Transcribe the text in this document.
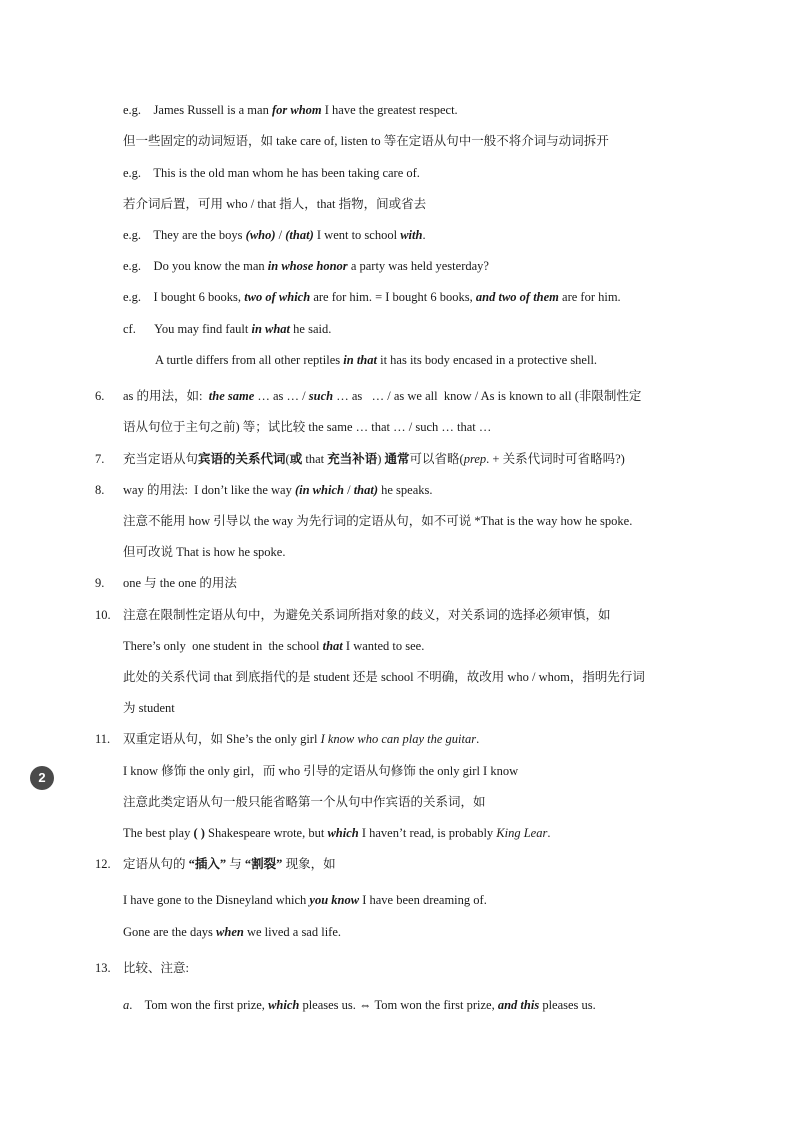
2
e.g.    James Russell is a man for whom I have the greatest respect.
但一些固定的动词短语，如 take care of, listen to 等在定语从句中一般不将介词与动词拆开
e.g.    This is the old man whom he has been taking care of.
若介词后置，可用 who / that 指人，that 指物，间或省去
e.g.    They are the boys (who) / (that) I went to school with.
e.g.    Do you know the man in whose honor a party was held yesterday?
e.g.    I bought 6 books, two of which are for him. = I bought 6 books, and two of them are for him.
cf.      You may find fault in what he said.
A turtle differs from all other reptiles in that it has its body encased in a protective shell.
6. as 的用法，如:  the same … as … / such … as   … / as we all  know / As is known to all (非限制性定
语从句位于主句之前) 等；试比较 the same … that … / such … that …
7. 充当定语从句宾语的关系代词(或 that 充当补语) 通常可以省略(prep. + 关系代词时可省略吗?)
8. way 的用法:  I don’t like the way (in which / that) he speaks.
注意不能用 how 引导以 the way 为先行词的定语从句，如不可说 *That is the way how he spoke.
但可改说 That is how he spoke.
9. one 与 the one 的用法
10. 注意在限制性定语从句中，为避免关系词所指对象的歧义，对关系词的选择必须审慎，如
There’s only  one student in  the school that I wanted to see.
此处的关系代词 that 到底指代的是 student 还是 school 不明确，故改用 who / whom，指明先行词
为 student
11. 双重定语从句，如 She’s the only girl I know who can play the guitar.
I know 修饰 the only girl，而 who 引导的定语从句修饰 the only girl I know
注意此类定语从句一般只能省略第一个从句中作宾语的关系词，如
The best play ( ) Shakespeare wrote, but which I haven’t read, is probably King Lear.
12. 定语从句的 “插入” 与 “割裂” 现象，如
I have gone to the Disneyland which you know I have been dreaming of.
Gone are the days when we lived a sad life.
13. 比较、注意:
a.    Tom won the first prize, which pleases us. ⇔ Tom won the first prize, and this pleases us.
